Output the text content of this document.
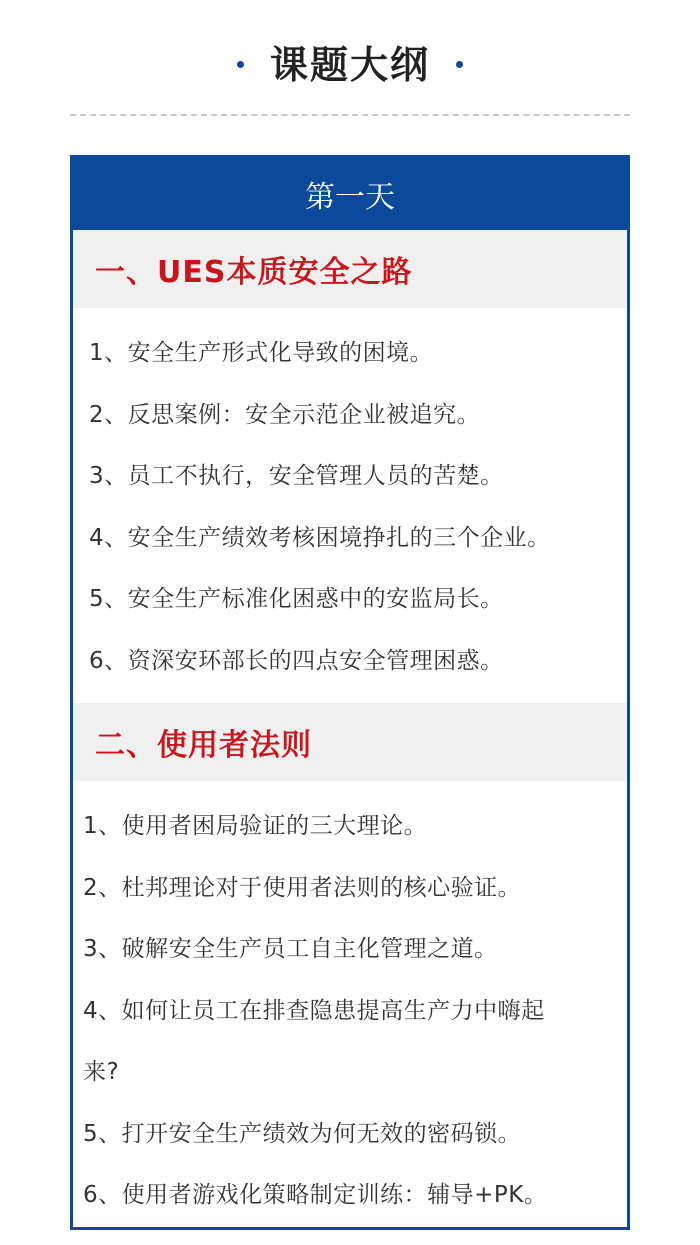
课题大纲
第一天
一、UES本质安全之路
1、安全生产形式化导致的困境。
2、反思案例：安全示范企业被追究。
3、员工不执行，安全管理人员的苦楚。
4、安全生产绩效考核困境挣扎的三个企业。
5、安全生产标准化困惑中的安监局长。
6、资深安环部长的四点安全管理困惑。
二、使用者法则
1、使用者困局验证的三大理论。
2、杜邦理论对于使用者法则的核心验证。
3、破解安全生产员工自主化管理之道。
4、如何让员工在排查隐患提高生产力中嗨起
来?
5、打开安全生产绩效为何无效的密码锁。
6、使用者游戏化策略制定训练：辅导+PK。
